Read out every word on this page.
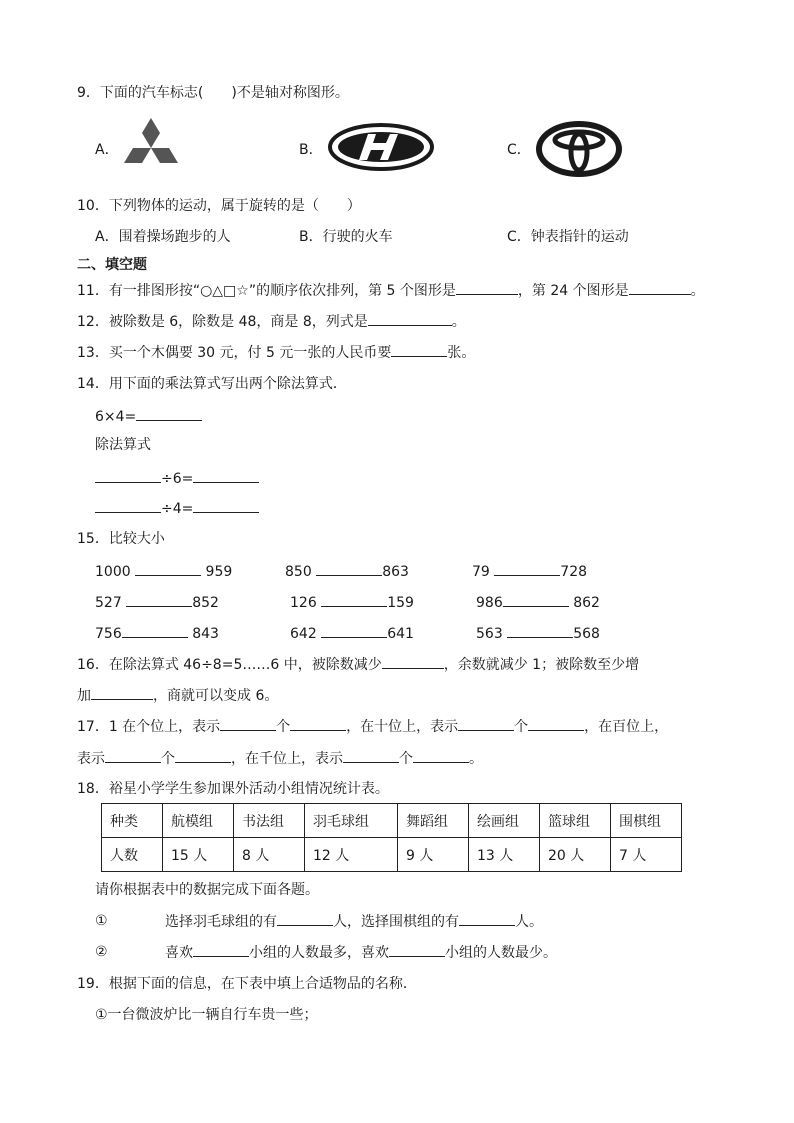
9．下面的汽车标志(　　)不是轴对称图形。
A．	B．	C．
10．下列物体的运动，属于旋转的是（　　）
A．围着操场跑步的人	B．行驶的火车	C．钟表指针的运动
二、填空题
11．有一排图形按“○△□☆”的顺序依次排列，第 5 个图形是	，第 24 个图形是	。
12．被除数是 6，除数是 48，商是 8，列式是	。
13．买一个木偶要 30 元，付 5 元一张的人民币要	张。
14．用下面的乘法算式写出两个除法算式．
6×4=
除法算式
÷6=
÷4=
15．比较大小
1000	959	850	863	79	728
527	852	126	159	986	862
756	843	642	641	563	568
16．在除法算式 46÷8=5……6 中，被除数减少	，余数就减少 1；被除数至少增
加	，商就可以变成 6。
17．1 在个位上，表示	个	，在十位上，表示	个	，在百位上，
表示	个	，在千位上，表示	个	。
18．裕星小学学生参加课外活动小组情况统计表。
种类	航模组	书法组	羽毛球组	舞蹈组	绘画组	篮球组	围棋组
人数	15 人	8 人	12 人	9 人	13 人	20 人	7 人
请你根据表中的数据完成下面各题。
①	选择羽毛球组的有	人，选择围棋组的有	人。
②	喜欢	小组的人数最多，喜欢	小组的人数最少。
19．根据下面的信息，在下表中填上合适物品的名称．
①一台微波炉比一辆自行车贵一些；
